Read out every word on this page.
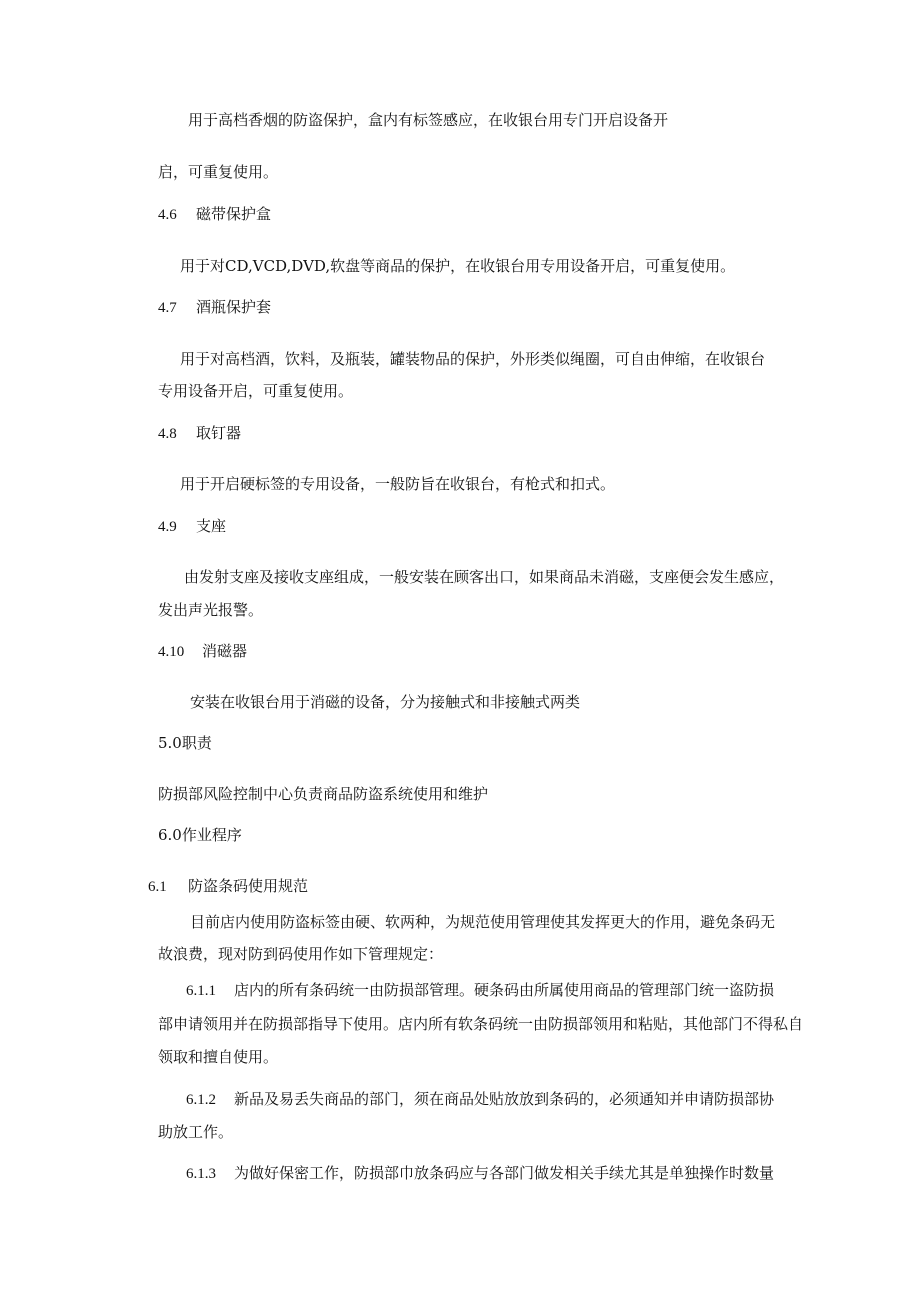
用于高档香烟的防盗保护，盒内有标签感应，在收银台用专门开启设备开
启，可重复使用。
4.6 磁带保护盒
用于对CD,VCD,DVD,软盘等商品的保护，在收银台用专用设备开启，可重复使用。
4.7 酒瓶保护套
用于对高档酒，饮料，及瓶装，罐装物品的保护，外形类似绳圈，可自由伸缩，在收银台
专用设备开启，可重复使用。
4.8 取钉器
用于开启硬标签的专用设备，一般防旨在收银台，有枪式和扣式。
4.9 支座
由发射支座及接收支座组成，一般安装在顾客出口，如果商品未消磁，支座便会发生感应，
发出声光报警。
4.10 消磁器
安装在收银台用于消磁的设备，分为接触式和非接触式两类
5.0职责
防损部风险控制中心负责商品防盗系统使用和维护
6.0作业程序
6.1 防盗条码使用规范
目前店内使用防盗标签由硬、软两种，为规范使用管理使其发挥更大的作用，避免条码无
故浪费，现对防到码使用作如下管理规定：
6.1.1 店内的所有条码统一由防损部管理。硬条码由所属使用商品的管理部门统一盗防损
部申请领用并在防损部指导下使用。店内所有软条码统一由防损部领用和粘贴，其他部门不得私自
领取和擅自使用。
6.1.2 新品及易丢失商品的部门，须在商品处贴放放到条码的，必须通知并申请防损部协
助放工作。
6.1.3 为做好保密工作，防损部巾放条码应与各部门做发相关手续尤其是单独操作时数量
